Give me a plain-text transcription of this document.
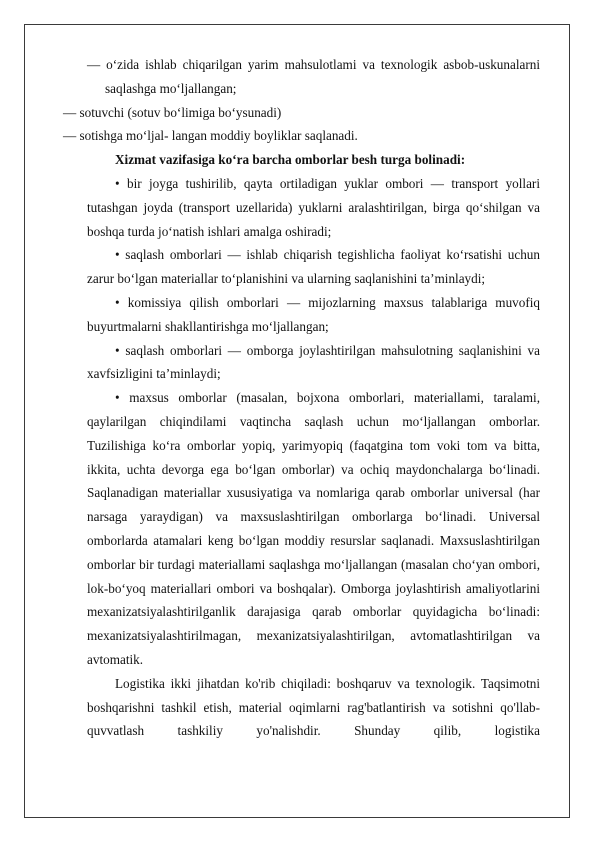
— o‘zida ishlab chiqarilgan yarim mahsulotlami va texnologik asbob-uskunalarni saqlashga mo‘ljallangan;

— sotuvchi (sotuv bo‘limiga bo‘ysunadi)

— sotishga mo‘ljal- langan moddiy boyliklar saqlanadi.

Xizmat vazifasiga ko‘ra barcha omborlar besh turga bolinadi:

• bir joyga tushirilib, qayta ortiladigan yuklar ombori — transport yollari tutashgan joyda (transport uzellarida) yuklarni aralashtirilgan, birga qo‘shilgan va boshqa turda jo‘natish ishlari amalga oshiradi;

• saqlash omborlari — ishlab chiqarish tegishlicha faoliyat ko‘rsatishi uchun zarur bo‘lgan materiallar to‘planishini va ularning saqlanishini ta’minlaydi;

• komissiya qilish omborlari — mijozlarning maxsus talablariga muvofiq buyurtmalarni shakllantirishga mo‘ljallangan;

• saqlash omborlari — omborga joylashtirilgan mahsulotning saqlanishini va xavfsizligini ta’minlaydi;

• maxsus omborlar (masalan, bojxona omborlari, materiallami, taralami, qaylarilgan chiqindilami vaqtincha saqlash uchun mo‘ljallangan omborlar. Tuzilishiga ko‘ra omborlar yopiq, yarimyopiq (faqatgina tom voki tom va bitta, ikkita, uchta devorga ega bo‘lgan omborlar) va ochiq maydonchalarga bo‘linadi. Saqlanadigan materiallar xususiyatiga va nomlariga qarab omborlar universal (har narsaga yaraydigan) va maxsuslashtirilgan omborlarga bo‘linadi. Universal omborlarda atamalari keng bo‘lgan moddiy resurslar saqlanadi. Maxsuslashtirilgan omborlar bir turdagi materiallami saqlashga mo‘ljallangan (masalan cho‘yan ombori, lok-bo‘yoq materiallari ombori va boshqalar). Omborga joylashtirish amaliyotlarini mexanizatsiyalashtirilganlik darajasiga qarab omborlar quyidagicha bo‘linadi: mexanizatsiyalashtirilmagan, mexanizatsiyalashtirilgan, avtomatlashtirilgan va avtomatik.

Logistika ikki jihatdan ko'rib chiqiladi: boshqaruv va texnologik. Taqsimotni boshqarishni tashkil etish, material oqimlarni rag'batlantirish va sotishni qo'llab-quvvatlash tashkiliy yo'nalishdir. Shunday qilib, logistika
